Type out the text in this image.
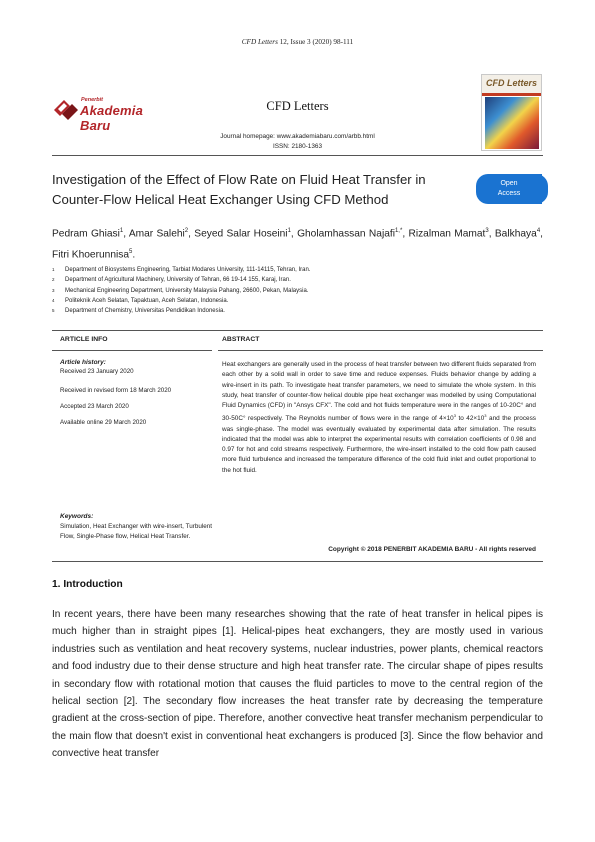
CFD Letters 12, Issue 3 (2020) 98-111
Penerbit
Akademia Baru
CFD Letters
Journal homepage: www.akademiabaru.com/arbb.html
ISSN: 2180-1363
CFD Letters
Investigation of the Effect of Flow Rate on Fluid Heat Transfer in Counter-Flow Helical Heat Exchanger Using CFD Method
Open
Access
Pedram Ghiasi$^1$, Amar Salehi$^2$, Seyed Salar Hoseini$^1$, Gholamhassan Najafi$^{1,*}$, Rizalman Mamat$^3$, Balkhaya$^4$, Fitri Khoerunnisa$^5$.
1 Department of Biosystems Engineering, Tarbiat Modares University, 111-14115, Tehran, Iran.
2 Department of Agricultural Machinery, University of Tehran, 66 19-14 155, Karaj, Iran.
3 Mechanical Engineering Department, University Malaysia Pahang, 26600, Pekan, Malaysia.
4 Politeknik Aceh Selatan, Tapaktuan, Aceh Selatan, Indonesia.
5 Department of Chemistry, Universitas Pendidikan Indonesia.
ARTICLE INFO	ABSTRACT
Article history:
Received 23 January 2020
Received in revised form 18 March 2020
Accepted 23 March 2020
Available online 29 March 2020
Heat exchangers are generally used in the process of heat transfer between two different fluids separated from each other by a solid wall in order to save time and reduce expenses. Fluids behavior change by adding a wire-insert in its path. To investigate heat transfer parameters, we need to simulate the whole system. In this study, heat transfer of counter-flow helical double pipe heat exchanger was modelled by using Computational Fluid Dynamics (CFD) in "Ansys CFX". The cold and hot fluids temperature were in the ranges of 10-20C° and 30-50C° respectively. The Reynolds number of flows were in the range of $4\times 10^3$ to $42\times 10^3$ and the process was single-phase. The model was eventually evaluated by experimental data after simulation. The results indicated that the model was able to interpret the experimental results with correlation coefficients of 0.98 and 0.97 for hot and cold streams respectively. Furthermore, the wire-insert installed to the cold flow path caused more fluid turbulence and increased the temperature difference of the cold fluid inlet and outlet proportional to the hot fluid.
Keywords:
Simulation, Heat Exchanger with wire-insert, Turbulent Flow, Single-Phase flow, Helical Heat Transfer.
Copyright © 2018 PENERBIT AKADEMIA BARU - All rights reserved
1. Introduction

In recent years, there have been many researches showing that the rate of heat transfer in helical pipes is much higher than in straight pipes [1]. Helical-pipes heat exchangers, they are mostly used in various industries such as ventilation and heat recovery systems, nuclear industries, power plants, chemical reactors and food industry due to their dense structure and high heat transfer rate. The circular shape of pipes results in secondary flow with rotational motion that causes the fluid particles to move to the central region of the helical section [2]. The secondary flow increases the heat transfer rate by decreasing the temperature gradient at the cross-section of pipe. Therefore, another convective heat transfer mechanism perpendicular to the main flow that doesn't exist in conventional heat exchangers is produced [3]. Since the flow behavior and convective heat transfer
